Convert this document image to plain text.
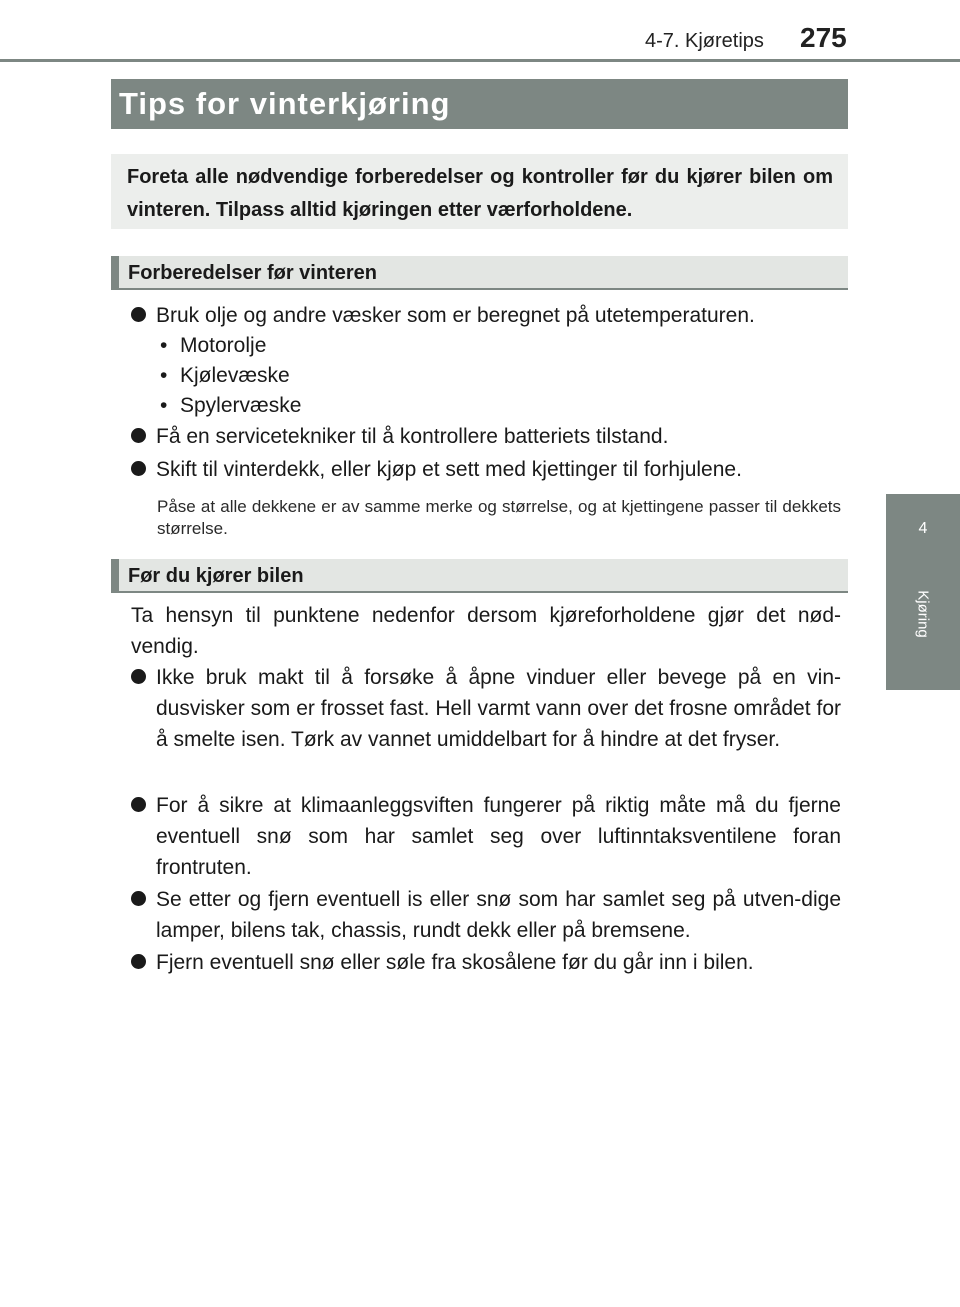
4-7. Kjøretips 275
4
Kjøring
Tips for vinterkjøring

Foreta alle nødvendige forberedelser og kontroller før du kjører bilen om vinteren. Tilpass alltid kjøringen etter værforholdene.

Forberedelser før vinteren
Bruk olje og andre væsker som er beregnet på utetemperaturen.
• Motorolje
• Kjølevæske
• Spylervæske
Få en servicetekniker til å kontrollere batteriets tilstand.
Skift til vinterdekk, eller kjøp et sett med kjettinger til forhjulene.

Påse at alle dekkene er av samme merke og størrelse, og at kjettingene passer til dekkets størrelse.

Før du kjører bilen

Ta hensyn til punktene nedenfor dersom kjøreforholdene gjør det nød-vendig.

Ikke bruk makt til å forsøke å åpne vinduer eller bevege på en vin-dusvisker som er frosset fast. Hell varmt vann over det frosne området for å smelte isen. Tørk av vannet umiddelbart for å hindre at det fryser.
For å sikre at klimaanleggsviften fungerer på riktig måte må du fjerne eventuell snø som har samlet seg over luftinntaksventilene foran frontruten.
Se etter og fjern eventuell is eller snø som har samlet seg på utven-dige lamper, bilens tak, chassis, rundt dekk eller på bremsene.
Fjern eventuell snø eller søle fra skosålene før du går inn i bilen.
